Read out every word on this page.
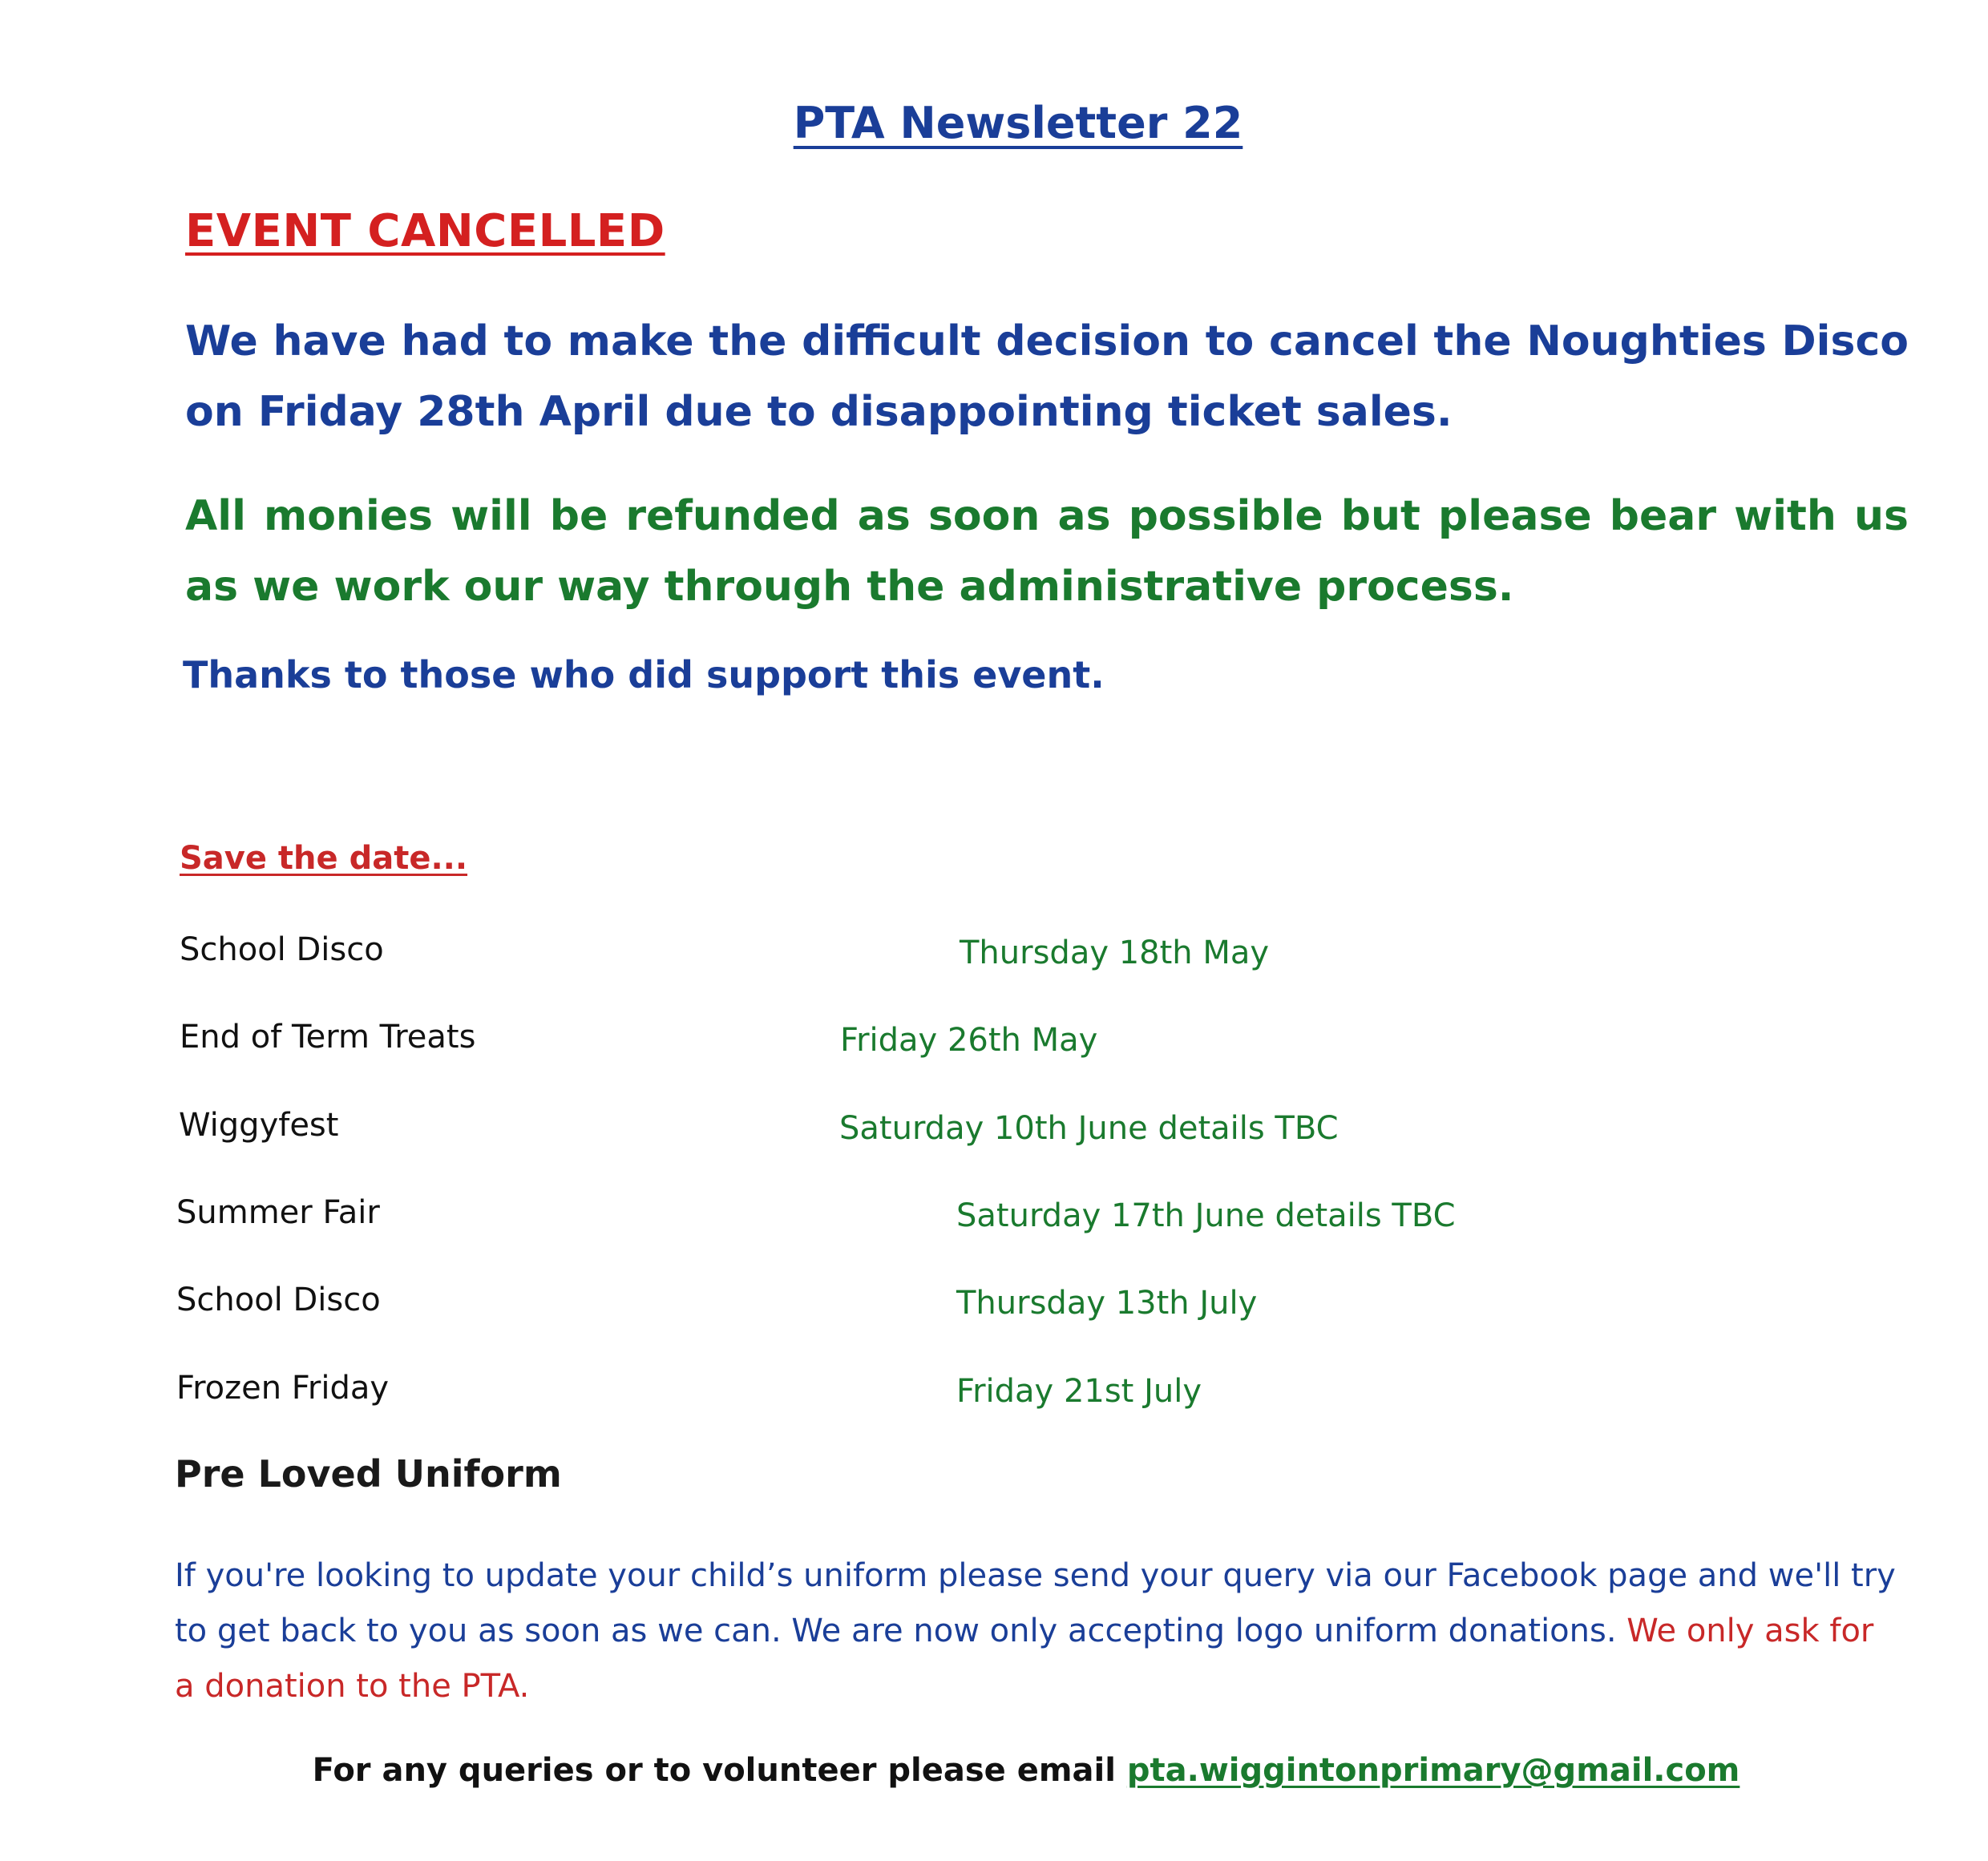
PTA Newsletter 22
EVENT CANCELLED
We have had to make the difficult decision to cancel the Noughties Disco on Friday 28th April due to disappointing ticket sales.
All monies will be refunded as soon as possible but please bear with us as we work our way through the administrative process.
Thanks to those who did support this event.
Save the date...
School Disco	Thursday 18th May
End of Term Treats	Friday 26th May
Wiggyfest	Saturday 10th June details TBC
Summer Fair	Saturday 17th June details TBC
School Disco	Thursday 13th July
Frozen Friday	Friday 21st July
Pre Loved Uniform
If you're looking to update your child’s uniform please send your query via our Facebook page and we'll try to get back to you as soon as we can. We are now only accepting logo uniform donations. We only ask for a donation to the PTA.
For any queries or to volunteer please email pta.wiggintonprimary@gmail.com
